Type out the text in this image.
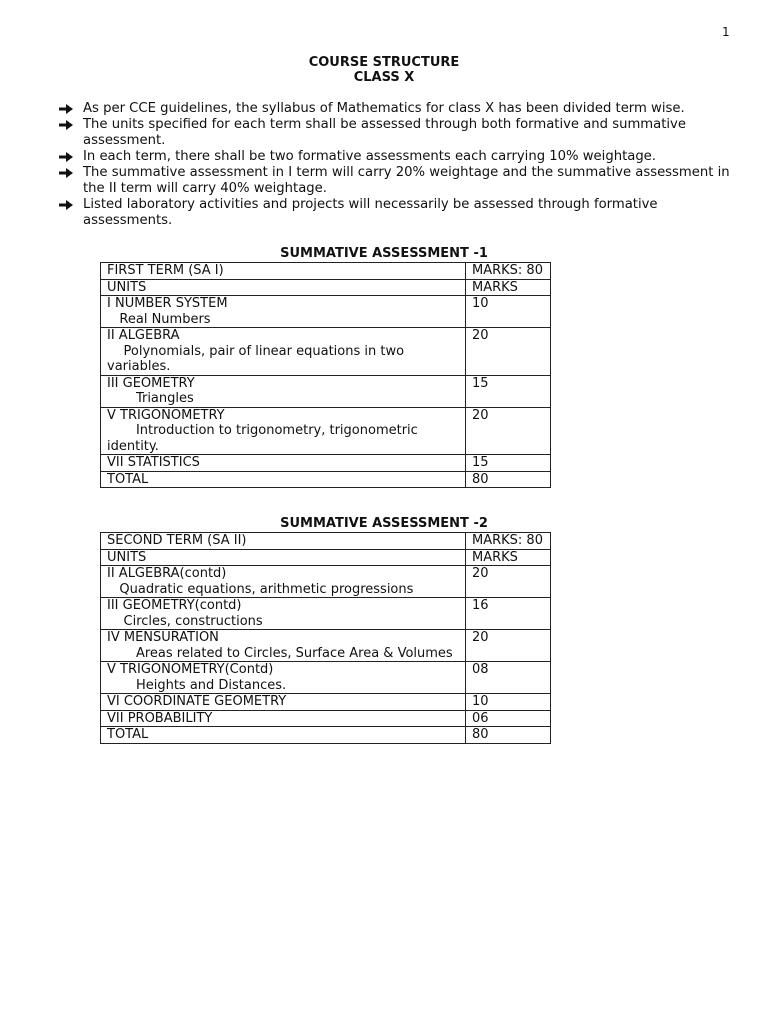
1
COURSE STRUCTURE
CLASS X
As per CCE guidelines, the syllabus of Mathematics for class X has been divided term wise.
The units specified for each term shall be assessed through both formative and summative assessment.
In each term, there shall be two formative assessments each carrying 10% weightage.
The summative assessment in I term will carry 20% weightage and the summative assessment in the II term will carry 40% weightage.
Listed laboratory activities and projects will necessarily be assessed through formative assessments.
SUMMATIVE ASSESSMENT -1
FIRST TERM (SA I)	MARKS: 80
UNITS	MARKS
I NUMBER SYSTEM
Real Numbers	10
II ALGEBRA
Polynomials, pair of linear equations in two variables.	20
III GEOMETRY
Triangles	15
V TRIGONOMETRY
Introduction to trigonometry, trigonometric identity.	20
VII STATISTICS	15
TOTAL	80
SUMMATIVE ASSESSMENT -2
SECOND TERM (SA II)	MARKS: 80
UNITS	MARKS
II ALGEBRA(contd)
Quadratic equations, arithmetic progressions	20
III GEOMETRY(contd)
Circles, constructions	16
IV MENSURATION
Areas related to Circles, Surface Area & Volumes	20
V TRIGONOMETRY(Contd)
Heights and Distances.	08
VI COORDINATE GEOMETRY	10
VII PROBABILITY	06
TOTAL	80
